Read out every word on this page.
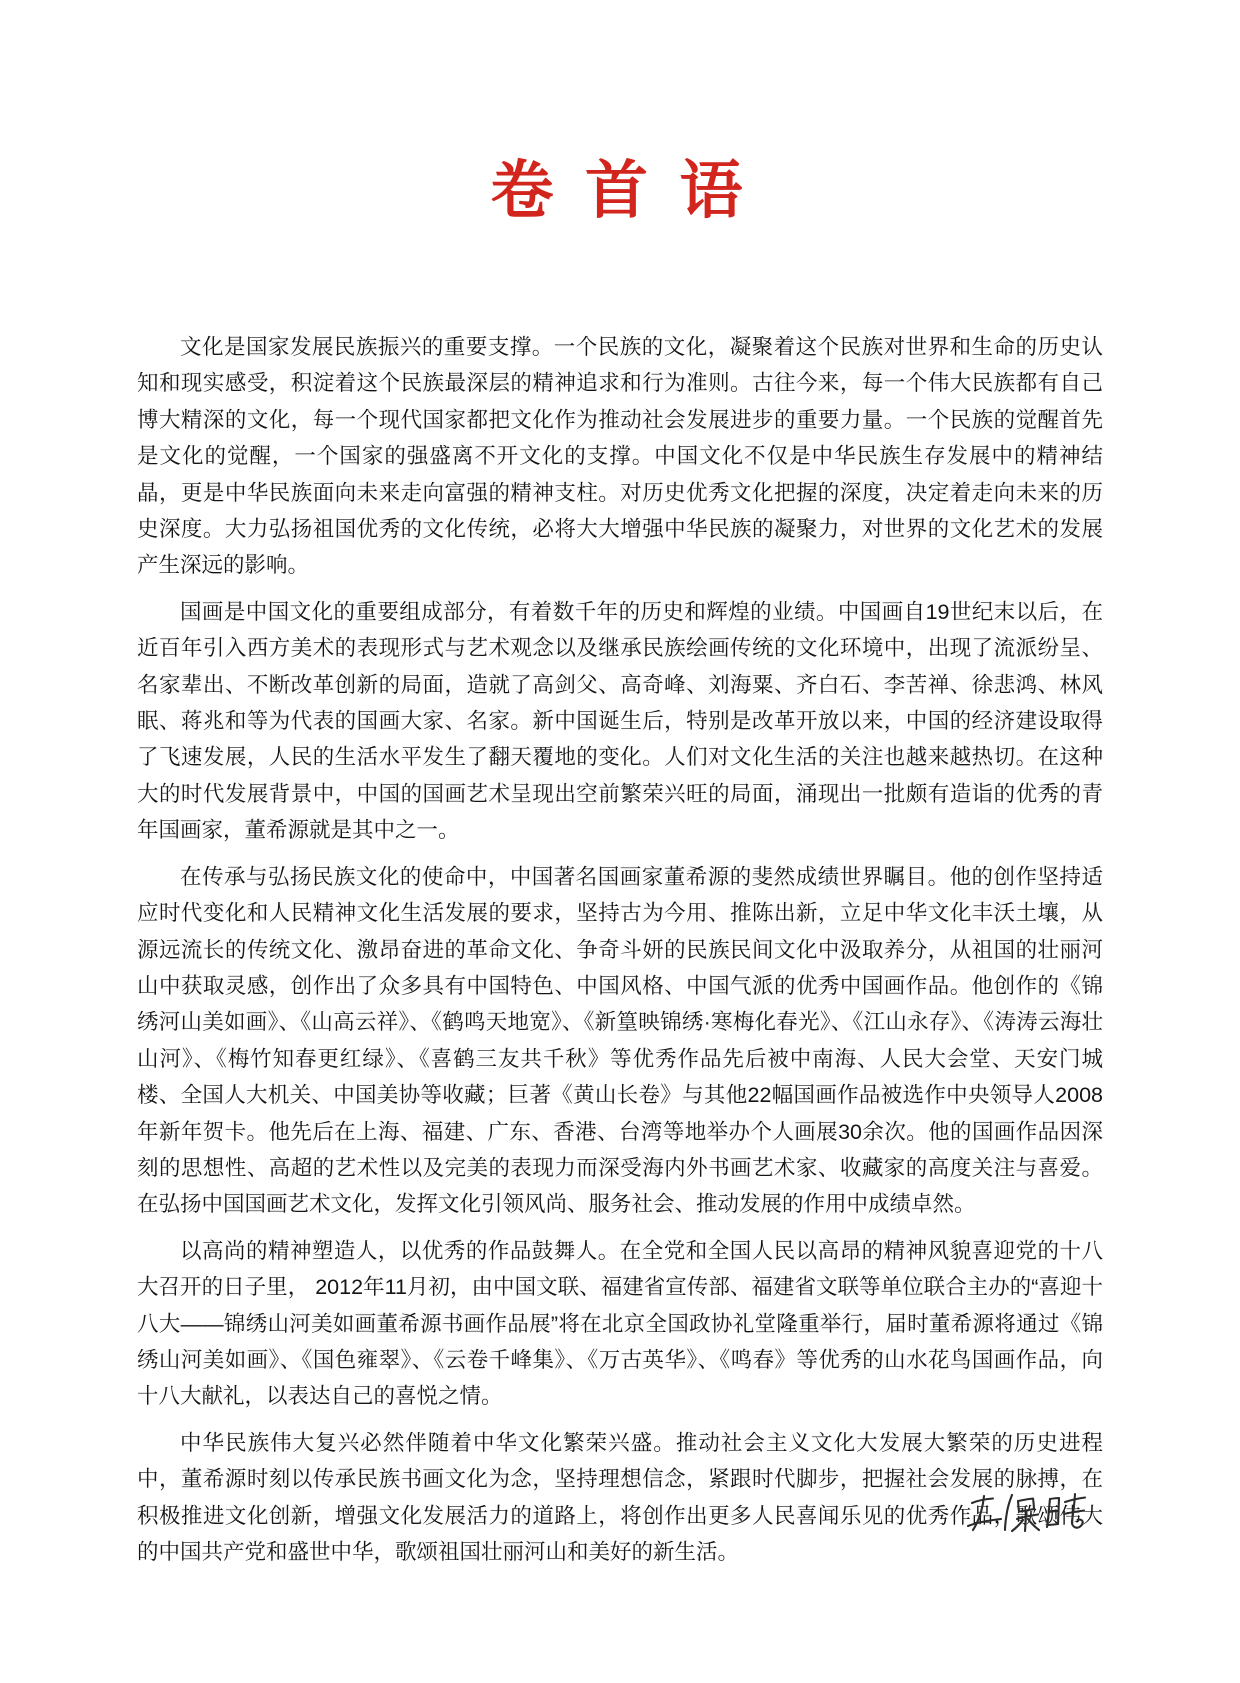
卷 首 语

文化是国家发展民族振兴的重要支撑。一个民族的文化，凝聚着这个民族对世界和生命的历史认知和现实感受，积淀着这个民族最深层的精神追求和行为准则。古往今来，每一个伟大民族都有自己博大精深的文化，每一个现代国家都把文化作为推动社会发展进步的重要力量。一个民族的觉醒首先是文化的觉醒，一个国家的强盛离不开文化的支撑。中国文化不仅是中华民族生存发展中的精神结晶，更是中华民族面向未来走向富强的精神支柱。对历史优秀文化把握的深度，决定着走向未来的历史深度。大力弘扬祖国优秀的文化传统，必将大大增强中华民族的凝聚力，对世界的文化艺术的发展产生深远的影响。

国画是中国文化的重要组成部分，有着数千年的历史和辉煌的业绩。中国画自19世纪末以后，在近百年引入西方美术的表现形式与艺术观念以及继承民族绘画传统的文化环境中，出现了流派纷呈、名家辈出、不断改革创新的局面，造就了高剑父、高奇峰、刘海粟、齐白石、李苦禅、徐悲鸿、林风眠、蒋兆和等为代表的国画大家、名家。新中国诞生后，特别是改革开放以来，中国的经济建设取得了飞速发展，人民的生活水平发生了翻天覆地的变化。人们对文化生活的关注也越来越热切。在这种大的时代发展背景中，中国的国画艺术呈现出空前繁荣兴旺的局面，涌现出一批颇有造诣的优秀的青年国画家，董希源就是其中之一。

在传承与弘扬民族文化的使命中，中国著名国画家董希源的斐然成绩世界瞩目。他的创作坚持适应时代变化和人民精神文化生活发展的要求，坚持古为今用、推陈出新，立足中华文化丰沃土壤，从源远流长的传统文化、激昂奋进的革命文化、争奇斗妍的民族民间文化中汲取养分，从祖国的壮丽河山中获取灵感，创作出了众多具有中国特色、中国风格、中国气派的优秀中国画作品。他创作的《锦绣河山美如画》、《山高云祥》、《鹤鸣天地宽》、《新篁映锦绣·寒梅化春光》、《江山永存》、《涛涛云海壮山河》、《梅竹知春更红绿》、《喜鹤三友共千秋》等优秀作品先后被中南海、人民大会堂、天安门城楼、全国人大机关、中国美协等收藏；巨著《黄山长卷》与其他22幅国画作品被选作中央领导人2008年新年贺卡。他先后在上海、福建、广东、香港、台湾等地举办个人画展30余次。他的国画作品因深刻的思想性、高超的艺术性以及完美的表现力而深受海内外书画艺术家、收藏家的高度关注与喜爱。在弘扬中国国画艺术文化，发挥文化引领风尚、服务社会、推动发展的作用中成绩卓然。

以高尚的精神塑造人，以优秀的作品鼓舞人。在全党和全国人民以高昂的精神风貌喜迎党的十八大召开的日子里， 2012年11月初，由中国文联、福建省宣传部、福建省文联等单位联合主办的“喜迎十八大——锦绣山河美如画董希源书画作品展”将在北京全国政协礼堂隆重举行，届时董希源将通过《锦绣山河美如画》、《国色雍翠》、《云卷千峰集》、《万古英华》、《鸣春》等优秀的山水花鸟国画作品，向十八大献礼，以表达自己的喜悦之情。

中华民族伟大复兴必然伴随着中华文化繁荣兴盛。推动社会主义文化大发展大繁荣的历史进程中，董希源时刻以传承民族书画文化为念，坚持理想信念，紧跟时代脚步，把握社会发展的脉搏，在积极推进文化创新，增强文化发展活力的道路上，将创作出更多人民喜闻乐见的优秀作品，歌颂伟大的中国共产党和盛世中华，歌颂祖国壮丽河山和美好的新生活。
